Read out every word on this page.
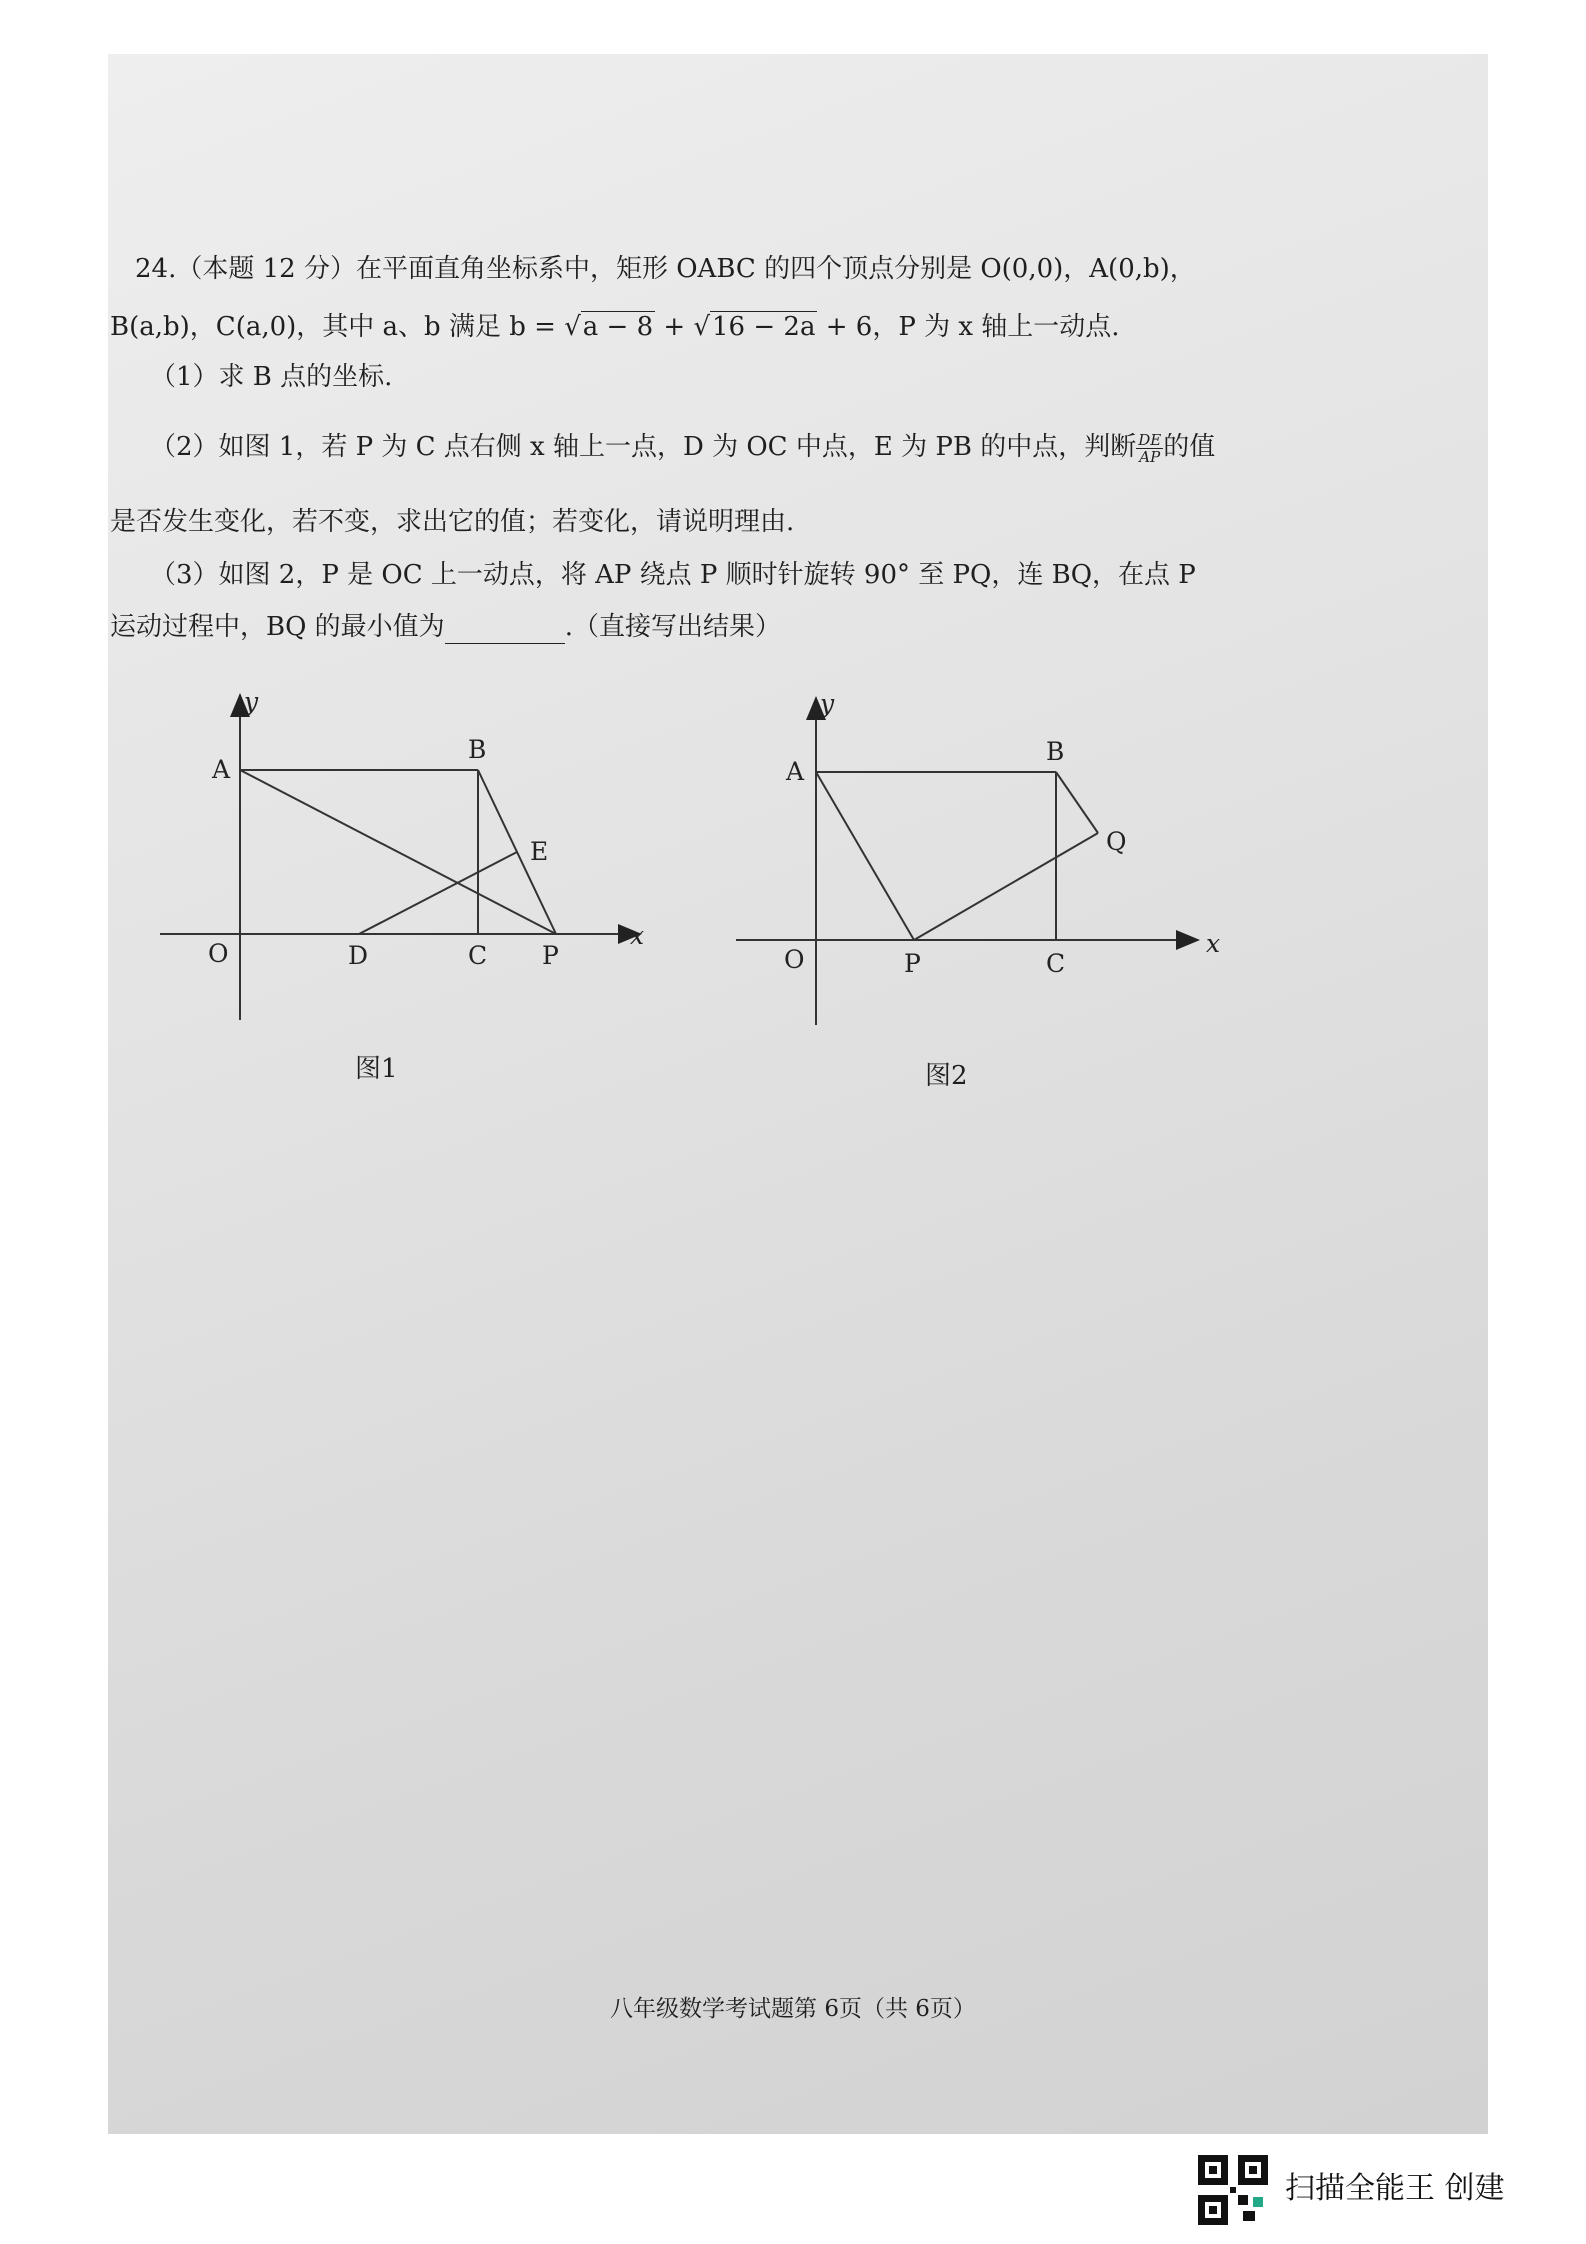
24.（本题 12 分）在平面直角坐标系中，矩形 OABC 的四个顶点分别是 O(0,0)，A(0,b)，
B(a,b)，C(a,0)，其中 a、b 满足 b = √a − 8 + √16 − 2a + 6，P 为 x 轴上一动点.
（1）求 B 点的坐标.
（2）如图 1，若 P 为 C 点右侧 x 轴上一点，D 为 OC 中点，E 为 PB 的中点，判断 $\frac{DE}{AP}$ 的值
是否发生变化，若不变，求出它的值；若变化，请说明理由.
（3）如图 2，P 是 OC 上一动点，将 AP 绕点 P 顺时针旋转 90° 至 PQ，连 BQ，在点 P
运动过程中，BQ 的最小值为	.（直接写出结果）
y
x
A
B
E
O	D	C P
图1
y
x
A
B
Q
O	P	C
图2
八年级数学考试题第 6页（共 6页）
扫描全能王 创建
